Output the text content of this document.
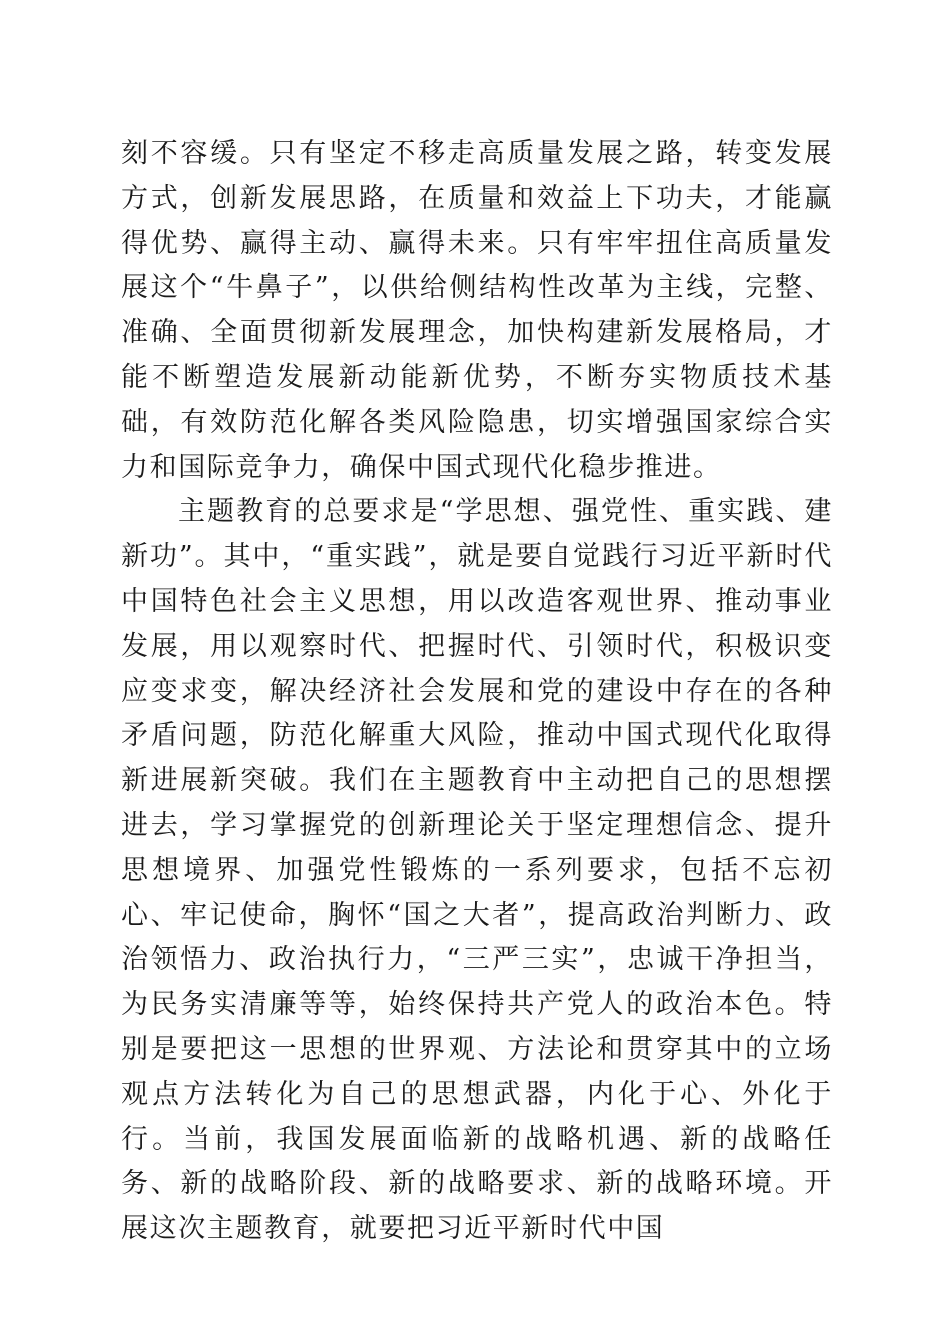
刻不容缓。只有坚定不移走高质量发展之路，转变发展方式，创新发展思路，在质量和效益上下功夫，才能赢得优势、赢得主动、赢得未来。只有牢牢扭住高质量发展这个“牛鼻子”，以供给侧结构性改革为主线，完整、准确、全面贯彻新发展理念，加快构建新发展格局，才能不断塑造发展新动能新优势，不断夯实物质技术基础，有效防范化解各类风险隐患，切实增强国家综合实力和国际竞争力，确保中国式现代化稳步推进。

主题教育的总要求是“学思想、强党性、重实践、建新功”。其中，“重实践”，就是要自觉践行习近平新时代中国特色社会主义思想，用以改造客观世界、推动事业发展，用以观察时代、把握时代、引领时代，积极识变应变求变，解决经济社会发展和党的建设中存在的各种矛盾问题，防范化解重大风险，推动中国式现代化取得新进展新突破。我们在主题教育中主动把自己的思想摆进去，学习掌握党的创新理论关于坚定理想信念、提升思想境界、加强党性锻炼的一系列要求，包括不忘初心、牢记使命，胸怀“国之大者”，提高政治判断力、政治领悟力、政治执行力，“三严三实”，忠诚干净担当，为民务实清廉等等，始终保持共产党人的政治本色。特别是要把这一思想的世界观、方法论和贯穿其中的立场观点方法转化为自己的思想武器，内化于心、外化于行。当前，我国发展面临新的战略机遇、新的战略任务、新的战略阶段、新的战略要求、新的战略环境。开展这次主题教育，就要把习近平新时代中国
